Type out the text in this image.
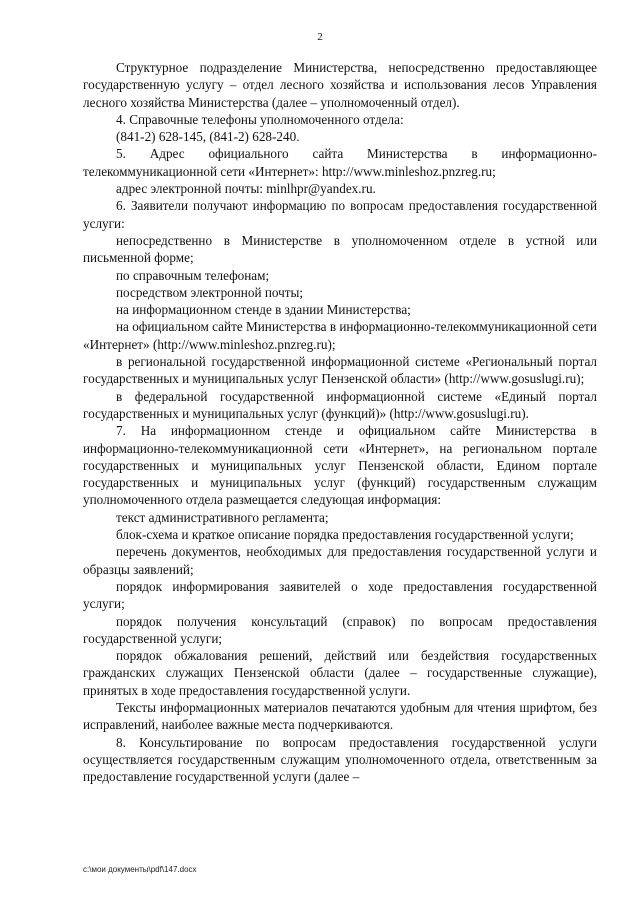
2

Структурное подразделение Министерства, непосредственно предоставляющее государственную услугу – отдел лесного хозяйства и использования лесов Управления лесного хозяйства Министерства (далее – уполномоченный отдел).

4. Справочные телефоны уполномоченного отдела:

(841-2) 628-145, (841-2) 628-240.

5. Адрес официального сайта Министерства в информационно-телекоммуникационной сети «Интернет»: http://www.minleshoz.pnzreg.ru;

адрес электронной почты: minlhpr@yandex.ru.

6. Заявители получают информацию по вопросам предоставления государственной услуги:

непосредственно в Министерстве в уполномоченном отделе в устной или письменной форме;

по справочным телефонам;

посредством электронной почты;

на информационном стенде в здании Министерства;

на официальном сайте Министерства в информационно-телекоммуникационной сети «Интернет» (http://www.minleshoz.pnzreg.ru);

в региональной государственной информационной системе «Региональный портал государственных и муниципальных услуг Пензенской области» (http://www.gosuslugi.ru);

в федеральной государственной информационной системе «Единый портал государственных и муниципальных услуг (функций)» (http://www.gosuslugi.ru).

7. На информационном стенде и официальном сайте Министерства в информационно-телекоммуникационной сети «Интернет», на региональном портале государственных и муниципальных услуг Пензенской области, Едином портале государственных и муниципальных услуг (функций) государственным служащим уполномоченного отдела размещается следующая информация:

текст административного регламента;

блок-схема и краткое описание порядка предоставления государственной услуги;

перечень документов, необходимых для предоставления государственной услуги и образцы заявлений;

порядок информирования заявителей о ходе предоставления государственной услуги;

порядок получения консультаций (справок) по вопросам предоставления государственной услуги;

порядок обжалования решений, действий или бездействия государственных гражданских служащих Пензенской области (далее – государственные служащие), принятых в ходе предоставления государственной услуги.

Тексты информационных материалов печатаются удобным для чтения шрифтом, без исправлений, наиболее важные места подчеркиваются.

8. Консультирование по вопросам предоставления государственной услуги осуществляется государственным служащим уполномоченного отдела, ответственным за предоставление государственной услуги (далее –

c:\мои документы\pdf\147.docx
